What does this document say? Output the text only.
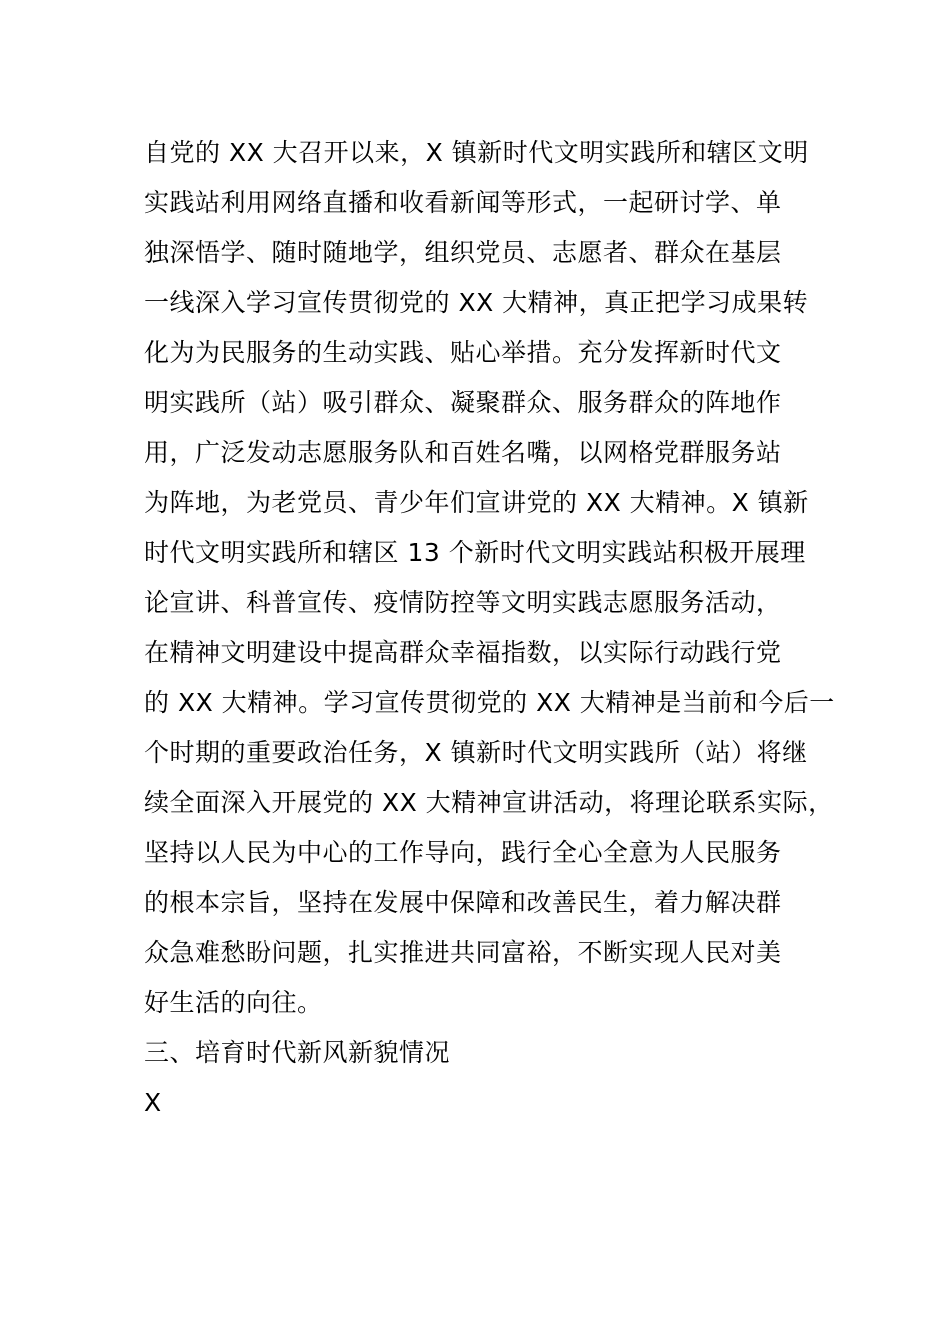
自党的 XX 大召开以来，X 镇新时代文明实践所和辖区文明
实践站利用网络直播和收看新闻等形式，一起研讨学、单
独深悟学、随时随地学，组织党员、志愿者、群众在基层
一线深入学习宣传贯彻党的 XX 大精神，真正把学习成果转
化为为民服务的生动实践、贴心举措。充分发挥新时代文
明实践所（站）吸引群众、凝聚群众、服务群众的阵地作
用，广泛发动志愿服务队和百姓名嘴，以网格党群服务站
为阵地，为老党员、青少年们宣讲党的 XX 大精神。X 镇新
时代文明实践所和辖区 13 个新时代文明实践站积极开展理
论宣讲、科普宣传、疫情防控等文明实践志愿服务活动，
在精神文明建设中提高群众幸福指数，以实际行动践行党
的 XX 大精神。学习宣传贯彻党的 XX 大精神是当前和今后一
个时期的重要政治任务，X 镇新时代文明实践所（站）将继
续全面深入开展党的 XX 大精神宣讲活动，将理论联系实际，
坚持以人民为中心的工作导向，践行全心全意为人民服务
的根本宗旨，坚持在发展中保障和改善民生，着力解决群
众急难愁盼问题，扎实推进共同富裕，不断实现人民对美
好生活的向往。
三、培育时代新风新貌情况
X
